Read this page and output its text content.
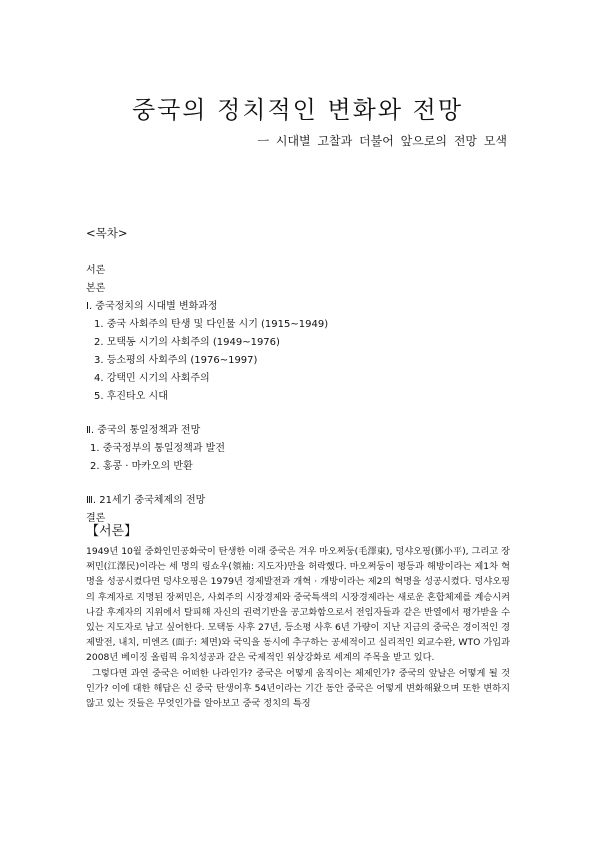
중국의 정치적인 변화와 전망
ㅡ 시대별 고찰과 더불어 앞으로의 전망 모색
<목차>
서론
본론
Ⅰ. 중국정치의 시대별 변화과정
1. 중국 사회주의 탄생 및 다인물 시기 (1915~1949)
2. 모택동 시기의 사회주의 (1949~1976)
3. 등소평의 사회주의 (1976~1997)
4. 강택민 시기의 사회주의
5. 후진타오 시대
Ⅱ. 중국의 통일정책과 전망
1. 중국정부의 통일정책과 발전
2. 홍콩 · 마카오의 반환
Ⅲ. 21세기 중국체제의 전망
결론
【서론】

1949년 10월 중화인민공화국이 탄생한 이래 중국은 겨우 마오쩌둥(毛澤東), 덩샤오핑(鄧小平), 그리고 장쩌민(江澤民)이라는 세 명의 링쇼우(領袖: 지도자)만을 허락했다. 마오쩌둥이 평등과 해방이라는 제1차 혁명을 성공시켰다면 덩샤오핑은 1979년 경제발전과 개혁 · 개방이라는 제2의 혁명을 성공시켰다. 덩샤오핑의 후계자로 지명된 장쩌민은, 사회주의 시장경제와 중국특색의 시장경제라는 새로운 혼합체제를 계승시켜나갈 후계자의 지위에서 탈피해 자신의 권력기반을 공고화함으로서 전임자들과 같은 반열에서 평가받을 수 있는 지도자로 남고 싶어한다. 모택동 사후 27년, 등소평 사후 6년 가량이 지난 지금의 중국은 경이적인 경제발전, 내치, 미엔즈 (面子: 체면)와 국익을 동시에 추구하는 공세적이고 실리적인 외교수완, WTO 가입과 2008년 베이징 올림픽 유치성공과 같은 국제적인 위상강화로 세계의 주목을 받고 있다.

그렇다면 과연 중국은 어떠한 나라인가? 중국은 어떻게 움직이는 체제인가? 중국의 앞날은 어떻게 될 것인가? 이에 대한 해답은 신 중국 탄생이후 54년이라는 기간 동안 중국은 어떻게 변화해왔으며 또한 변하지 않고 있는 것들은 무엇인가를 알아보고 중국 정치의 특징
